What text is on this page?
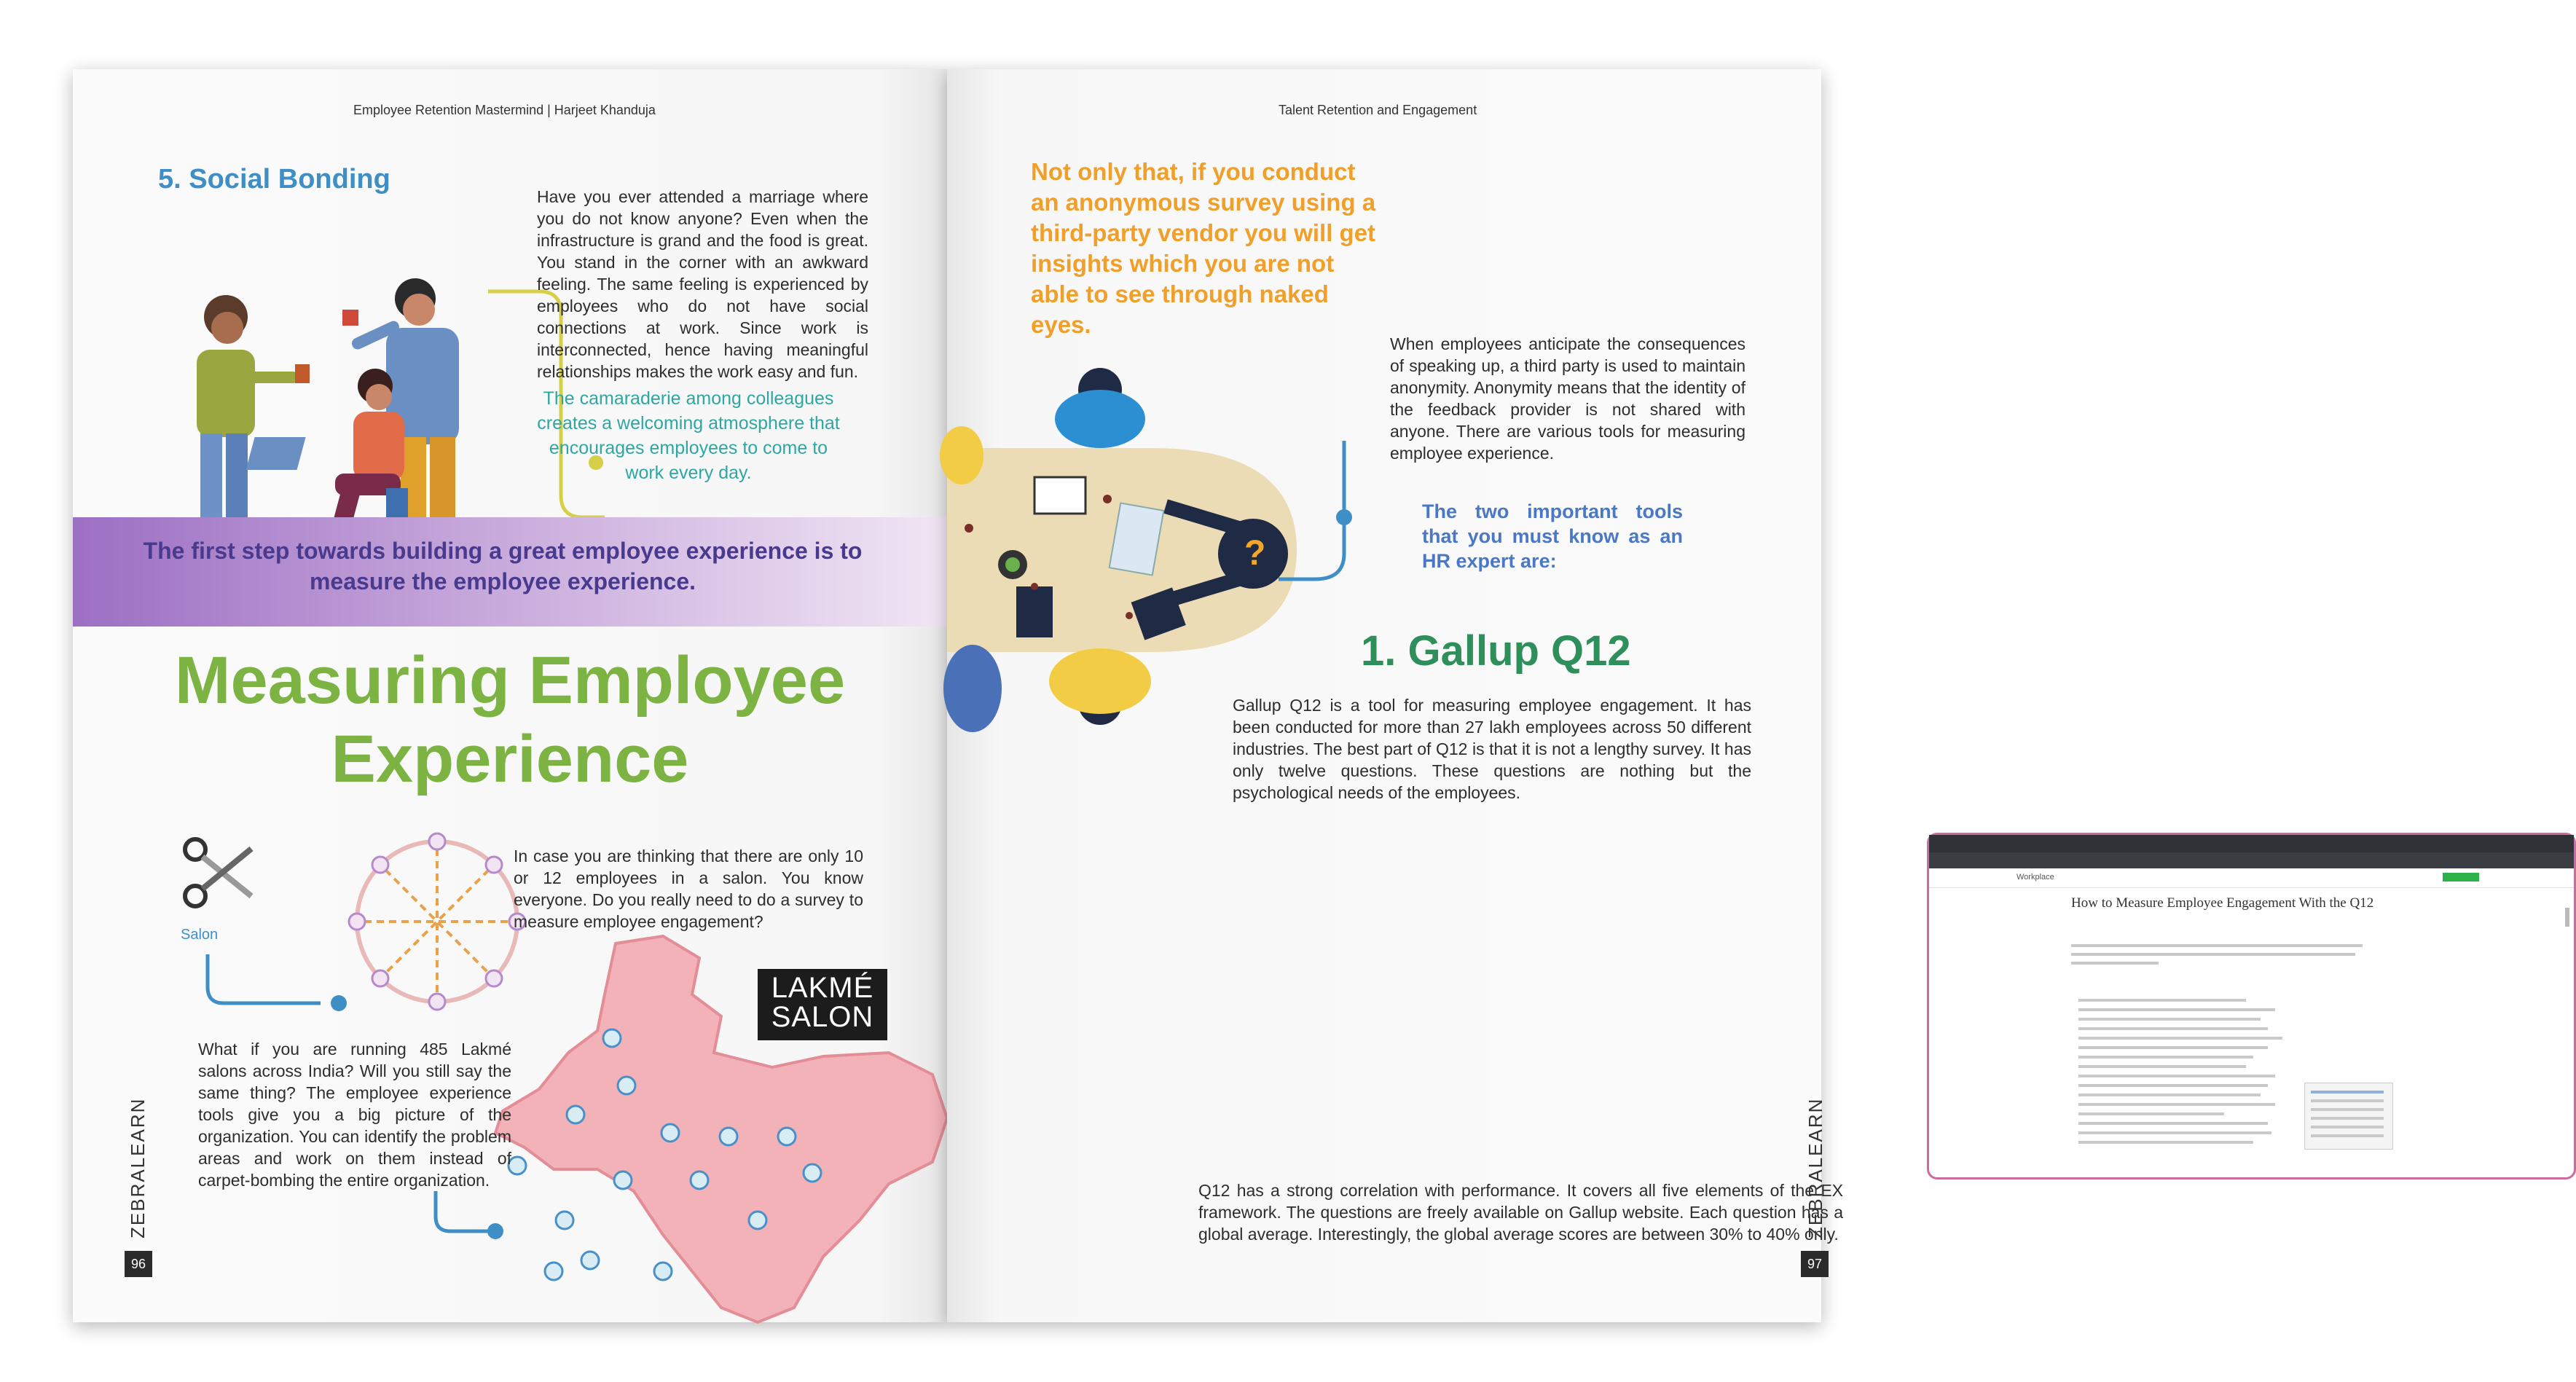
Employee Retention Mastermind | Harjeet Khanduja
5. Social Bonding

Have you ever attended a marriage where you do not know anyone? Even when the infrastructure is grand and the food is great. You stand in the corner with an awkward feeling. The same feeling is experienced by employees who do not have social connections at work. Since work is interconnected, hence having meaningful relationships makes the work easy and fun.

The camaraderie among colleagues creates a welcoming atmosphere that encourages employees to come to work every day.
The first step towards building a great employee experience is to measure the employee experience.
Measuring Employee Experience
Salon

In case you are thinking that there are only 10 or 12 employees in a salon. You know everyone. Do you really need to do a survey to measure employee engagement?

LAKMÉ SALON

What if you are running 485 Lakmé salons across India? Will you still say the same thing? The employee experience tools give you a big picture of the organization. You can identify the problem areas and work on them instead of carpet-bombing the entire organization.

ZEBRALEARN
96
Talent Retention and Engagement
Not only that, if you conduct an anonymous survey using a third-party vendor you will get insights which you are not able to see through naked eyes.
?

When employees anticipate the consequences of speaking up, a third party is used to maintain anonymity. Anonymity means that the identity of the feedback provider is not shared with anyone. There are various tools for measuring employee experience.

The two important tools that you must know as an HR expert are:
1. Gallup Q12

Gallup Q12 is a tool for measuring employee engagement. It has been conducted for more than 27 lakh employees across 50 different industries. The best part of Q12 is that it is not a lengthy survey. It has only twelve questions. These questions are nothing but the psychological needs of the employees.

Workplace
How to Measure Employee Engagement With the Q12

Q12 has a strong correlation with performance. It covers all five elements of the EX framework. The questions are freely available on Gallup website. Each question has a global average. Interestingly, the global average scores are between 30% to 40% only.

ZEBRALEARN
97
